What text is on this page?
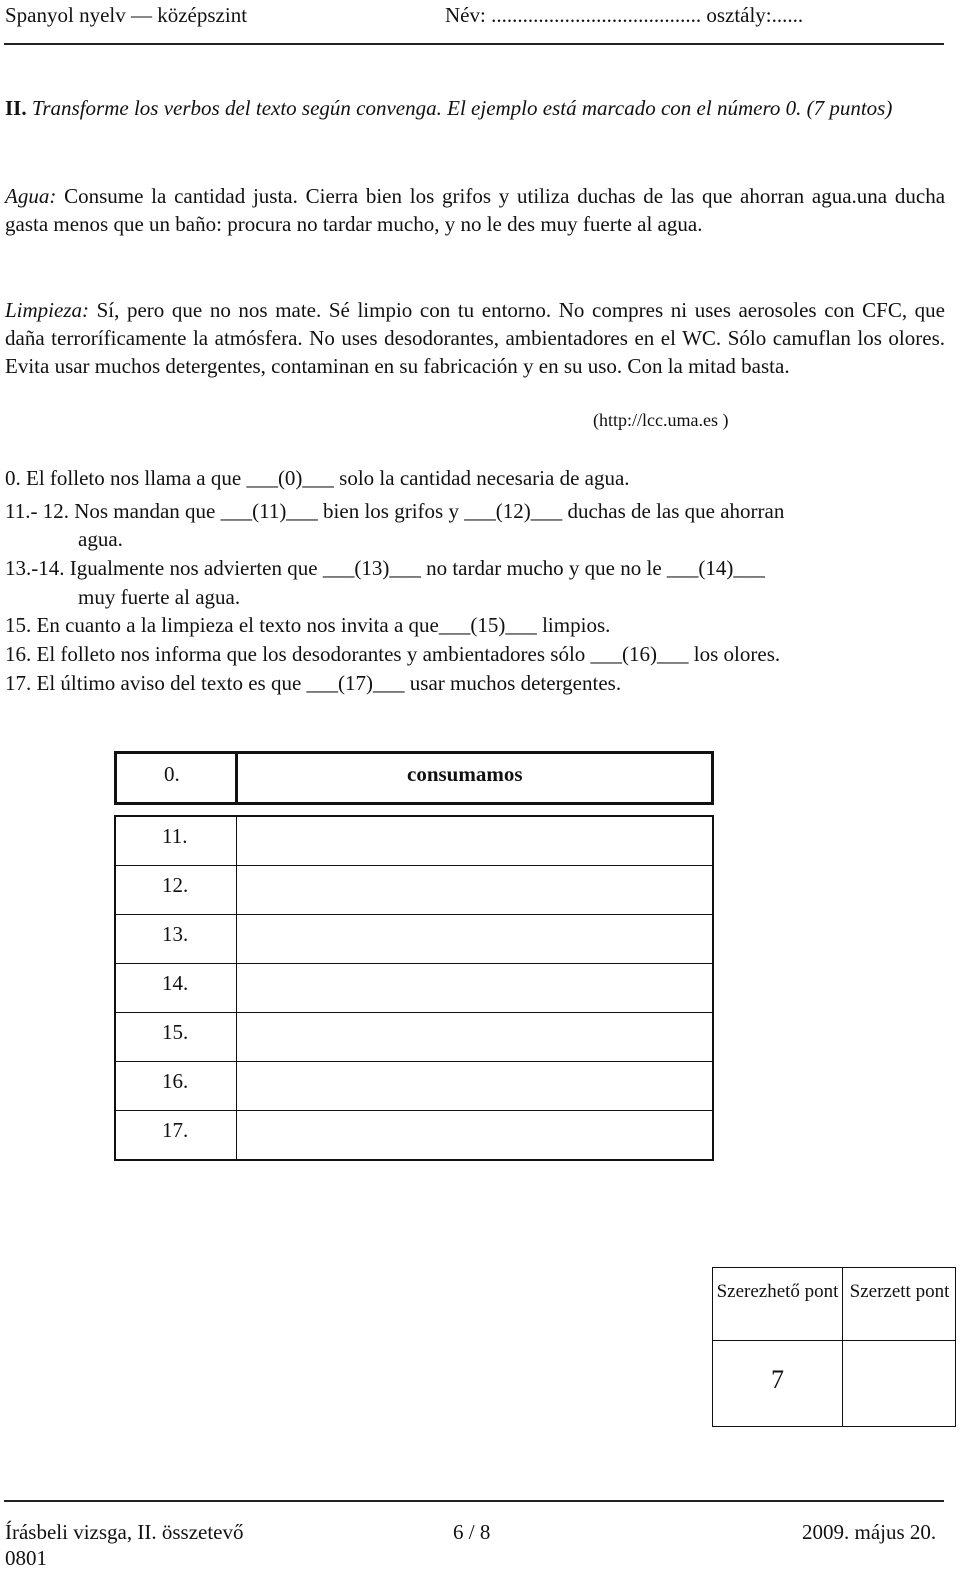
Spanyol nyelv — középszint	Név: ........................................ osztály:......
II. Transforme los verbos del texto según convenga. El ejemplo está marcado con el número 0. (7 puntos)
Agua: Consume la cantidad justa. Cierra bien los grifos y utiliza duchas de las que ahorran agua.una ducha gasta menos que un baño: procura no tardar mucho, y no le des muy fuerte al agua.
Limpieza: Sí, pero que no nos mate. Sé limpio con tu entorno. No compres ni uses aerosoles con CFC, que daña terroríficamente la atmósfera. No uses desodorantes, ambientadores en el WC. Sólo camuflan los olores. Evita usar muchos detergentes, contaminan en su fabricación y en su uso. Con la mitad basta.
(http://lcc.uma.es )
0. El folleto nos llama a que ___(0)___ solo la cantidad necesaria de agua.
11.- 12. Nos mandan que ___(11)___ bien los grifos y ___(12)___ duchas de las que ahorran
agua.
13.-14. Igualmente nos advierten que ___(13)___ no tardar mucho y que no le ___(14)___
muy fuerte al agua.
15. En cuanto a la limpieza el texto nos invita a que___(15)___ limpios.
16. El folleto nos informa que los desodorantes y ambientadores sólo ___(16)___ los olores.
17. El último aviso del texto es que ___(17)___ usar muchos detergentes.
0.	consumamos
11.
12.
13.
14.
15.
16.
17.
Szerezhető pont Szerzett pont
7
Írásbeli vizsga, II. összetevő	6 / 8	2009. május 20.
0801
